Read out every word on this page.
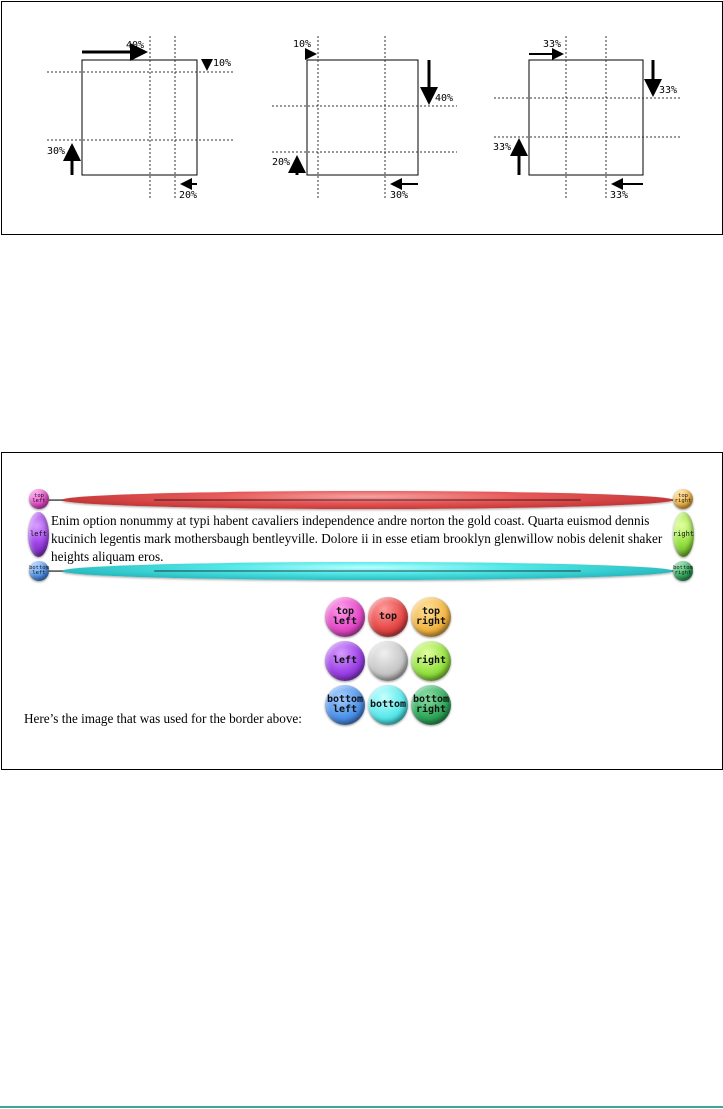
40%
10%
20%
30%
10%
40%
30%
20%
33%
33%
33%
33%
top
left
top
right
left	right
bottom
left
bottom
right
Enim option nonummy at typi habent cavaliers independence andre norton the gold coast. Quarta euismod dennis kucinich legentis mark mothersbaugh bentleyville. Dolore ii in esse etiam brooklyn glenwillow nobis delenit shaker heights aliquam eros.
top
left top	top
right
left	right
bottom
left	bottom bottom
right
Here’s the image that was used for the border above:
